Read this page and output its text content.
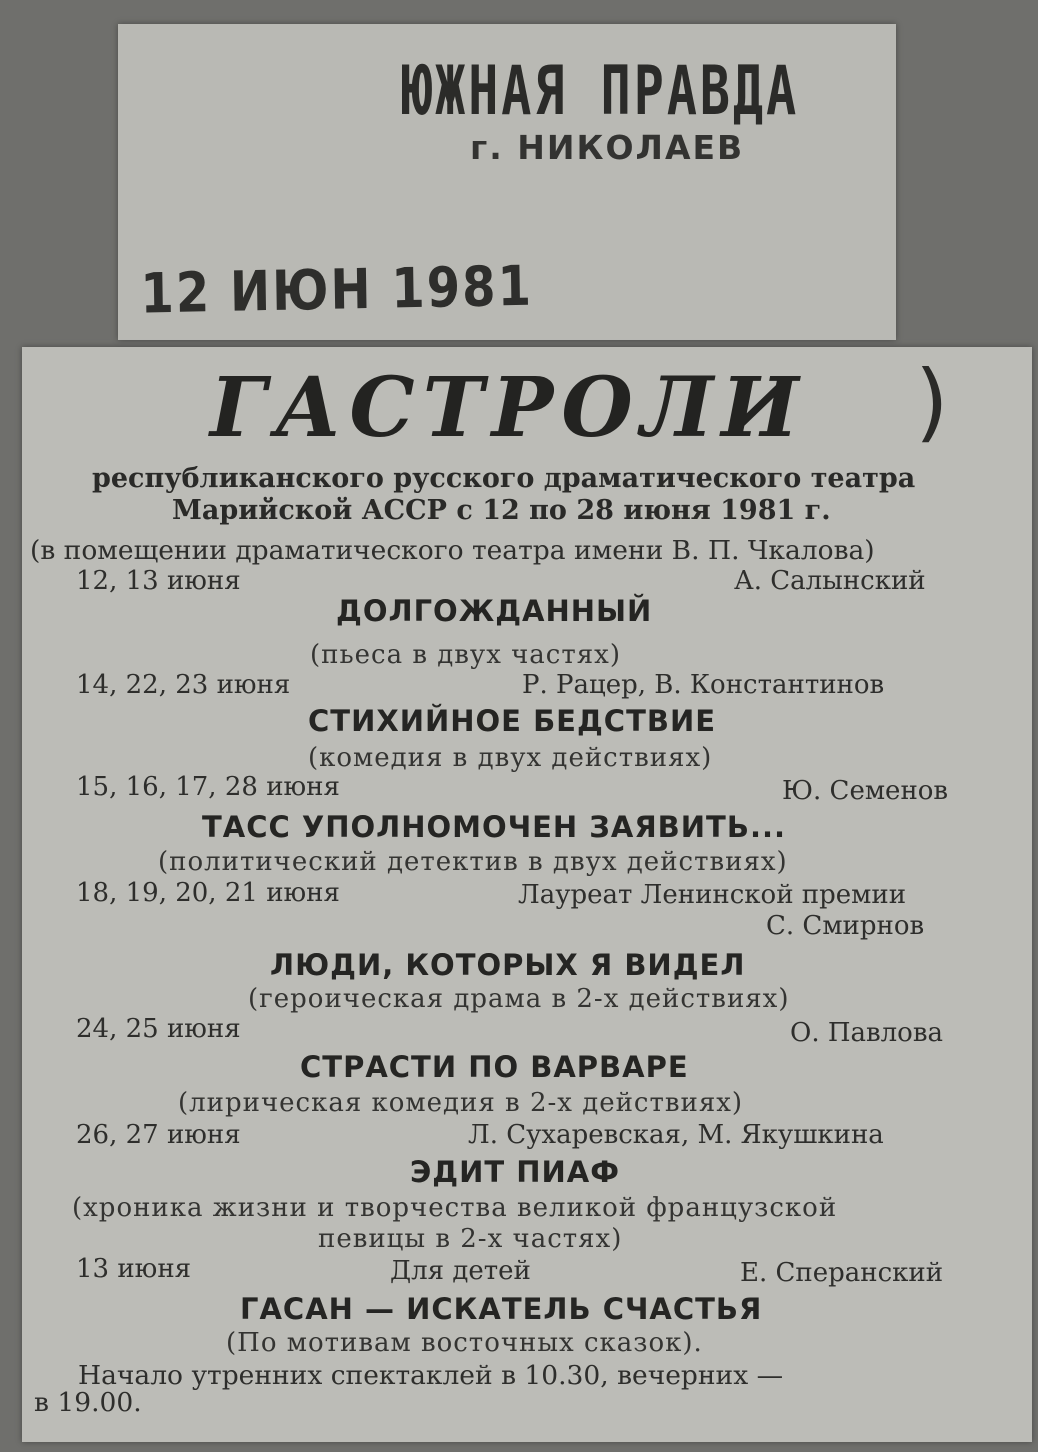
ЮЖНАЯ ПРАВДА
г. НИКОЛАЕВ
12 ИЮН 1981
ГАСТРОЛИ )
республиканского русского драматического театра
Марийской АССР с 12 по 28 июня 1981 г.
(в помещении драматического театра имени В. П. Чкалова)
12, 13 июня	А. Салынский
ДОЛГОЖДАННЫЙ
(пьеса в двух частях)
14, 22, 23 июня	Р. Рацер, В. Константинов
СТИХИЙНОЕ БЕДСТВИЕ
(комедия в двух действиях)
15, 16, 17, 28 июня	Ю. Семенов
ТАСС УПОЛНОМОЧЕН ЗАЯВИТЬ...
(политический детектив в двух действиях)
18, 19, 20, 21 июня	Лауреат Ленинской премии
С. Смирнов
ЛЮДИ, КОТОРЫХ Я ВИДЕЛ
(героическая драма в 2-х действиях)
24, 25 июня	О. Павлова
СТРАСТИ ПО ВАРВАРЕ
(лирическая комедия в 2-х действиях)
26, 27 июня	Л. Сухаревская, М. Якушкина
ЭДИТ ПИАФ
(хроника жизни и творчества великой французской
певицы в 2-х частях)
13 июня	Для детей	Е. Сперанский
ГАСАН — ИСКАТЕЛЬ СЧАСТЬЯ
(По мотивам восточных сказок).
Начало утренних спектаклей в 10.30, вечерних —
в 19.00.
